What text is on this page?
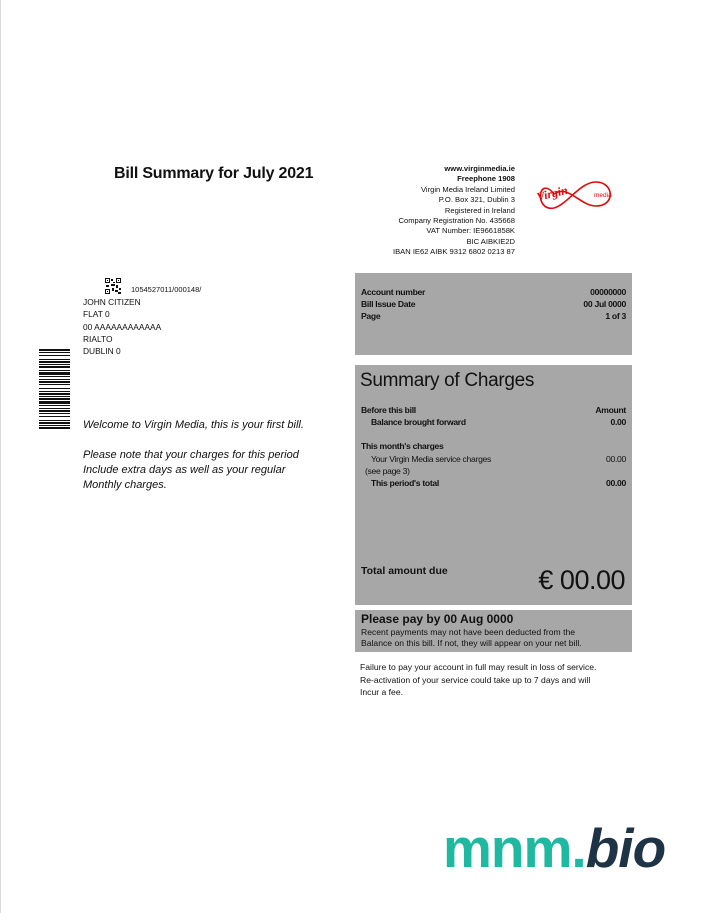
Bill Summary for July 2021	www.virginmedia.ie
Freephone 1908
Virgin Media Ireland Limited
P.O. Box 321, Dublin 3
Registered in Ireland
Company Registration No. 435668
VAT Number: IE9661858K
BIC AIBKIE2D
IBAN IE62 AIBK 9312 6802 0213 87
Virgin	media
1054527011/000148/
JOHN CITIZEN
FLAT 0
00 AAAAAAAAAAAA
RIALTO
DUBLIN 0
Welcome to Virgin Media, this is your first bill.
Please note that your charges for this period
Include extra days as well as your regular
Monthly charges.
Account number	00000000
Bill Issue Date	00 Jul 0000
Page	1 of 3
Summary of Charges
Before this bill	Amount
Balance brought forward	0.00
This month's charges
Your Virgin Media service charges	00.00
(see page 3)
This period's total	00.00
Total amount due	€ 00.00
Please pay by 00 Aug 0000
Recent payments may not have been deducted from the
Balance on this bill. If not, they will appear on your net bill.
Failure to pay your account in full may result in loss of service.
Re-activation of your service could take up to 7 days and will
Incur a fee.
mnm.bio
